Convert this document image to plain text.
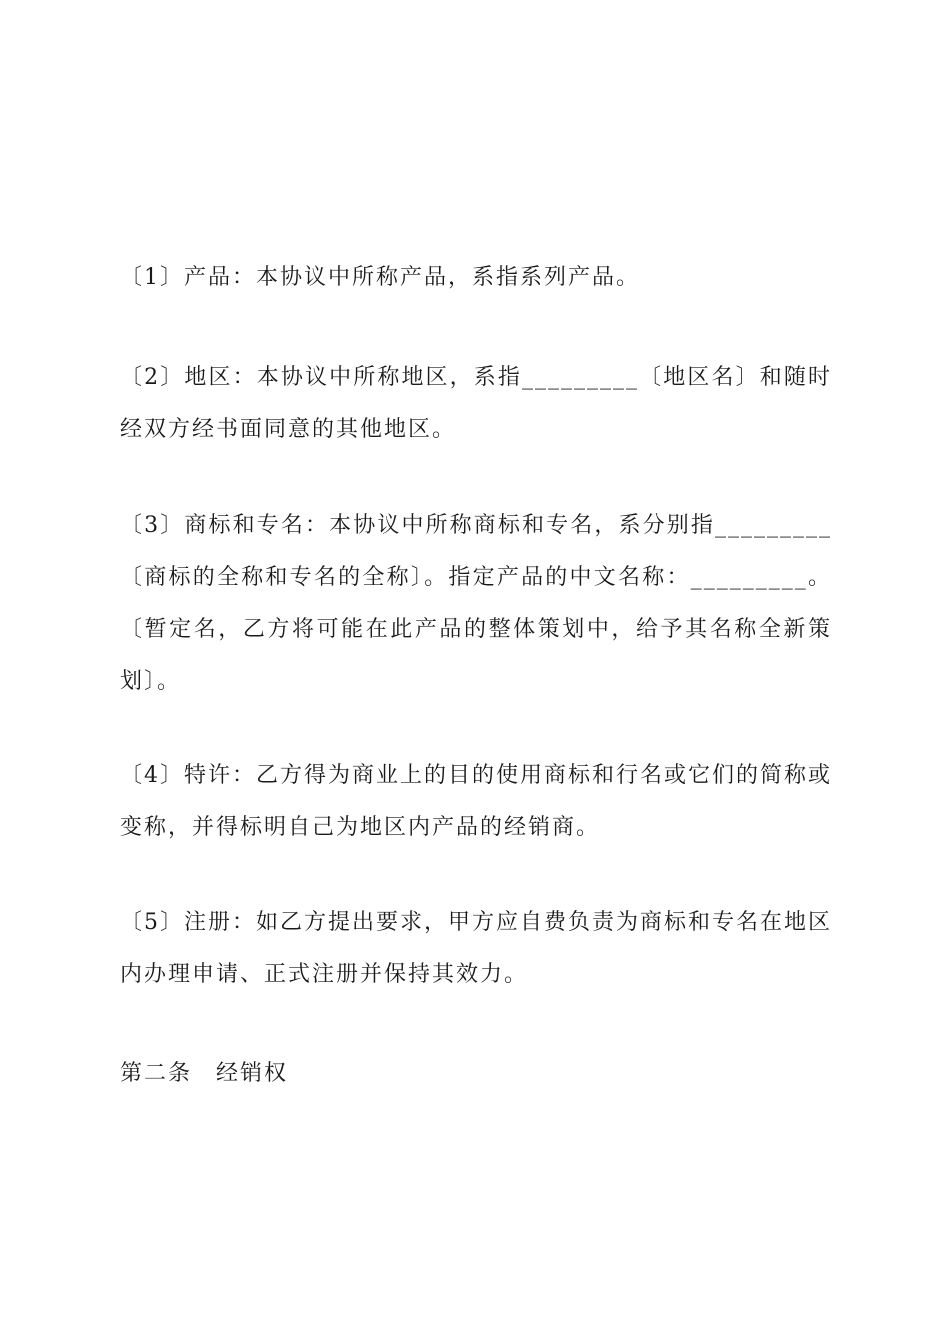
〔1〕产品：本协议中所称产品，系指系列产品。

〔2〕地区：本协议中所称地区，系指_________〔地区名〕和随时经双方经书面同意的其他地区。

〔3〕商标和专名：本协议中所称商标和专名，系分别指_________〔商标的全称和专名的全称〕。指定产品的中文名称：_________。〔暂定名，乙方将可能在此产品的整体策划中，给予其名称全新策划〕。

〔4〕特许：乙方得为商业上的目的使用商标和行名或它们的简称或变称，并得标明自己为地区内产品的经销商。

〔5〕注册：如乙方提出要求，甲方应自费负责为商标和专名在地区内办理申请、正式注册并保持其效力。

第二条　经销权
